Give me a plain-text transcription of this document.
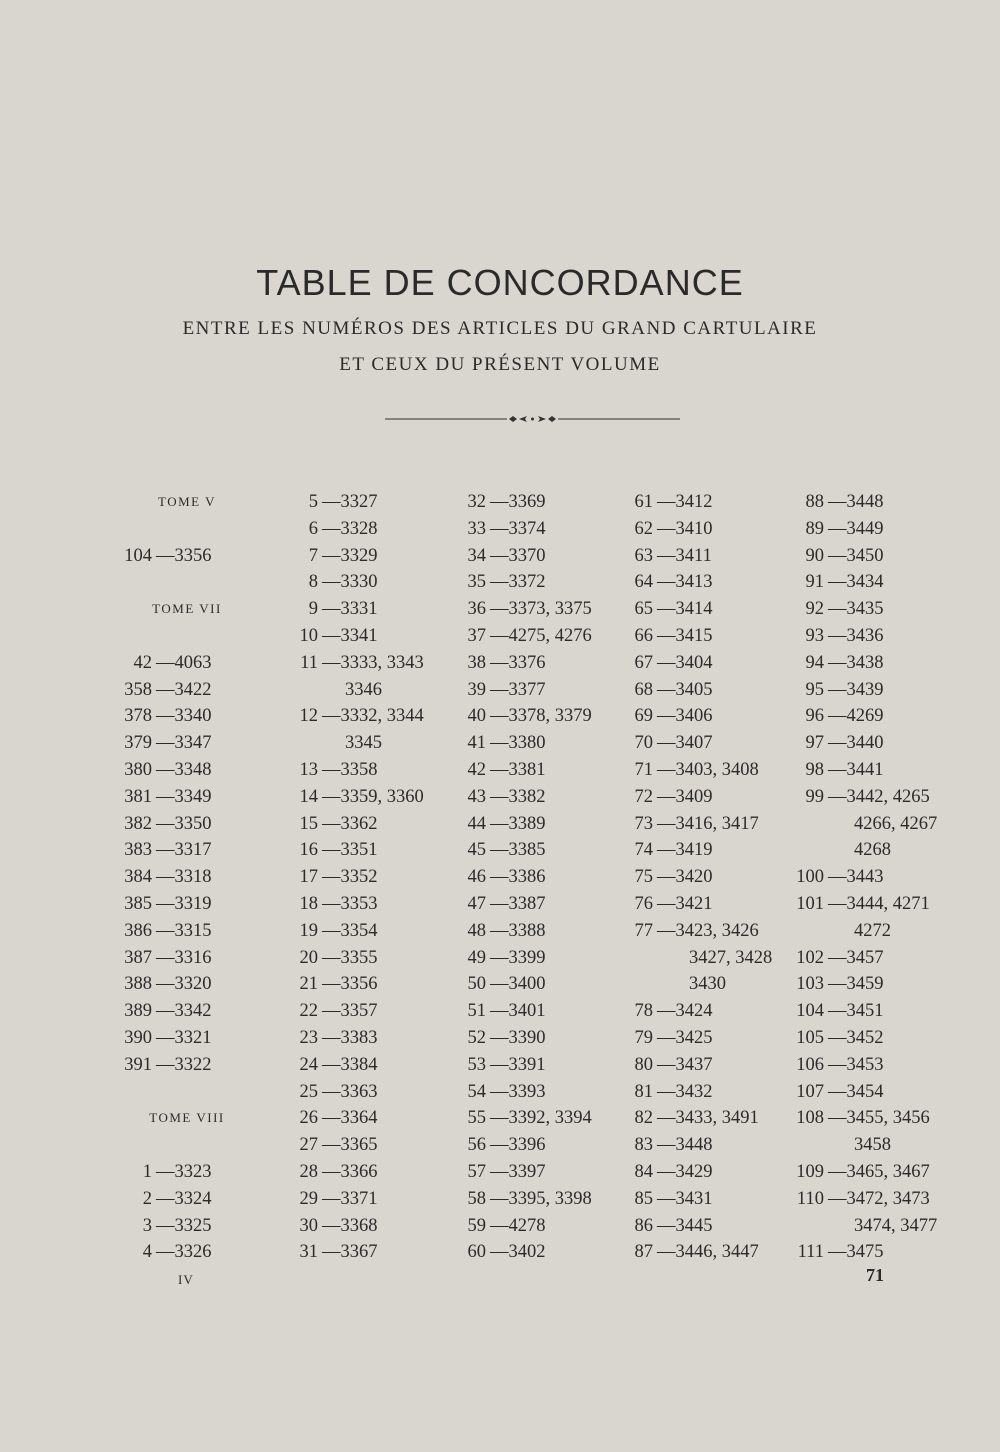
TABLE DE CONCORDANCE
ENTRE LES NUMÉROS DES ARTICLES DU GRAND CARTULAIRE
ET CEUX DU PRÉSENT VOLUME
TOME V
104 —3356
TOME VII
42 —4063
358 —3422
378 —3340
379 —3347
380 —3348
381 —3349
382 —3350
383 —3317
384 —3318
385 —3319
386 —3315
387 —3316
388 —3320
389 —3342
390 —3321
391 —3322
TOME VIII
1 —3323
2 —3324
3 —3325
4 —3326
5 —3327
6 —3328
7 —3329
8 —3330
9 —3331
10 —3341
11 —3333, 3343
3346
12 —3332, 3344
3345
13 —3358
14 —3359, 3360
15 —3362
16 —3351
17 —3352
18 —3353
19 —3354
20 —3355
21 —3356
22 —3357
23 —3383
24 —3384
25 —3363
26 —3364
27 —3365
28 —3366
29 —3371
30 —3368
31 —3367
32 —3369
33 —3374
34 —3370
35 —3372
36 —3373, 3375
37 —4275, 4276
38 —3376
39 —3377
40 —3378, 3379
41 —3380
42 —3381
43 —3382
44 —3389
45 —3385
46 —3386
47 —3387
48 —3388
49 —3399
50 —3400
51 —3401
52 —3390
53 —3391
54 —3393
55 —3392, 3394
56 —3396
57 —3397
58 —3395, 3398
59 —4278
60 —3402
61 —3412
62 —3410
63 —3411
64 —3413
65 —3414
66 —3415
67 —3404
68 —3405
69 —3406
70 —3407
71 —3403, 3408
72 —3409
73 —3416, 3417
74 —3419
75 —3420
76 —3421
77 —3423, 3426
3427, 3428
3430
78 —3424
79 —3425
80 —3437
81 —3432
82 —3433, 3491
83 —3448
84 —3429
85 —3431
86 —3445
87 —3446, 3447
88 —3448
89 —3449
90 —3450
91 —3434
92 —3435
93 —3436
94 —3438
95 —3439
96 —4269
97 —3440
98 —3441
99 —3442, 4265
4266, 4267
4268
100 —3443
101 —3444, 4271
4272
102 —3457
103 —3459
104 —3451
105 —3452
106 —3453
107 —3454
108 —3455, 3456
3458
109 —3465, 3467
110 —3472, 3473
3474, 3477
111 —3475
IV	71
